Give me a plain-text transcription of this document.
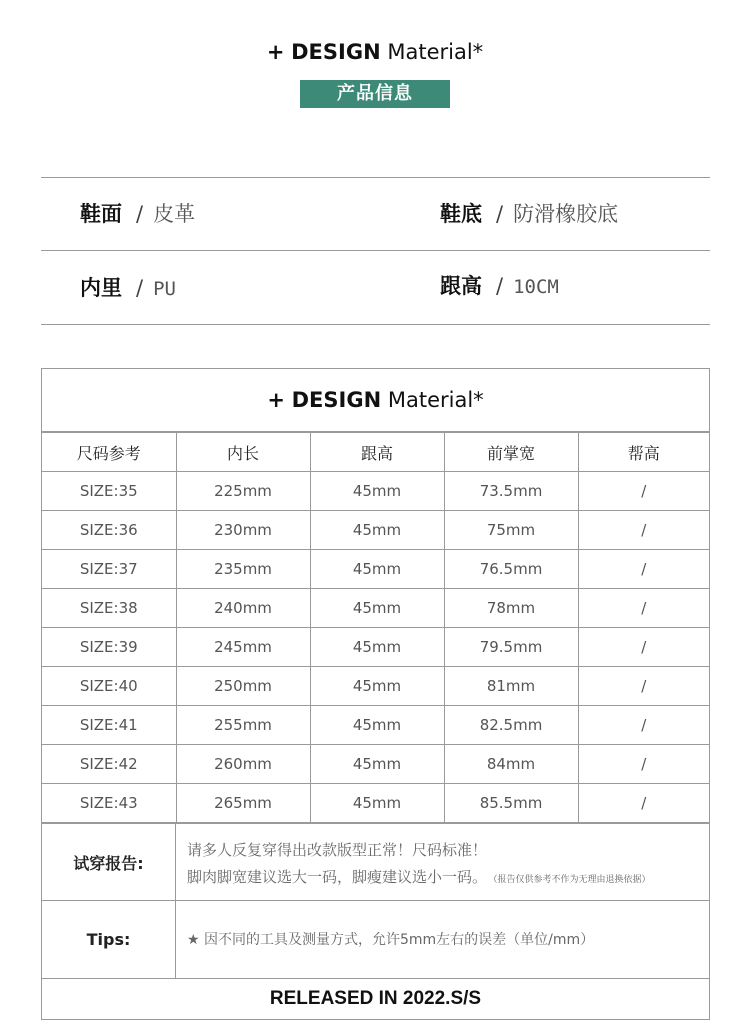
+ DESIGN Material*
产品信息
鞋面 / 皮革	鞋底 / 防滑橡胶底
内里 / PU	跟高 / 10CM
+ DESIGN Material*
尺码参考	内长	跟高	前掌宽	帮高
SIZE:35	225mm	45mm	73.5mm	/
SIZE:36	230mm	45mm	75mm	/
SIZE:37	235mm	45mm	76.5mm	/
SIZE:38	240mm	45mm	78mm	/
SIZE:39	245mm	45mm	79.5mm	/
SIZE:40	250mm	45mm	81mm	/
SIZE:41	255mm	45mm	82.5mm	/
SIZE:42	260mm	45mm	84mm	/
SIZE:43	265mm	45mm	85.5mm	/
试穿报告:
请多人反复穿得出改款版型正常！尺码标准！
脚肉脚宽建议选大一码，脚瘦建议选小一码。 （报告仅供参考不作为无理由退换依据）
Tips:	★ 因不同的工具及测量方式，允许5mm左右的误差（单位/mm）
RELEASED IN 2022.S/S
